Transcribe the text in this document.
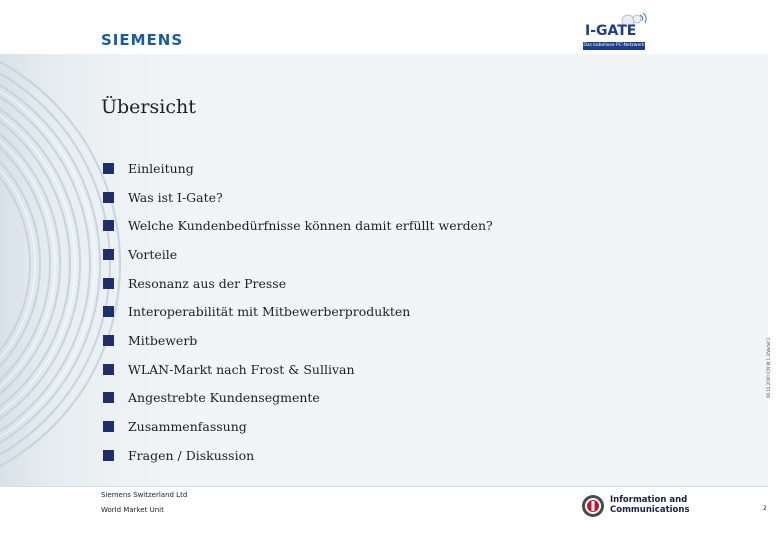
SIEMENS	I-GATE
Das kabellose PC-Netzwerk
Übersicht
Einleitung
Was ist I-Gate?
Welche Kundenbedürfnisse können damit erfüllt werden?
Vorteile
Resonanz aus der Presse
Interoperabilität mit Mitbewerberprodukten
Mitbewerb
WLAN-Markt nach Frost & Sullivan
Angestrebte Kundensegmente
Zusammenfassung
Fragen / Diskussion
06.10.2000 ICN W 1.2/Vorlef.1
Siemens Switzerland Ltd
World Market Unit
Information and
Communications	2
